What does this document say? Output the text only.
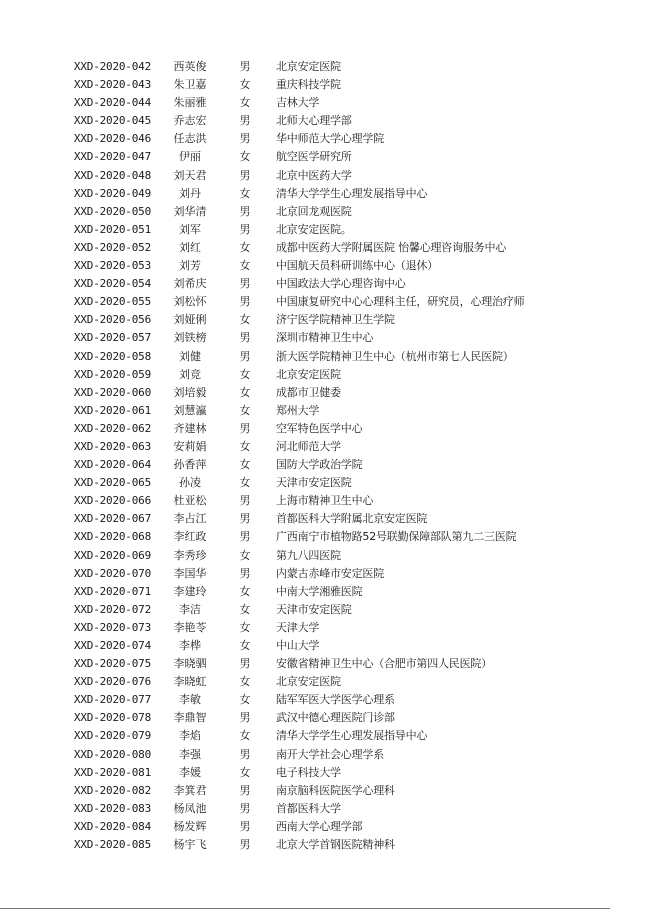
XXD-2020-042	西英俊	男	北京安定医院
XXD-2020-043	朱卫嘉	女	重庆科技学院
XXD-2020-044	朱丽雅	女	吉林大学
XXD-2020-045	乔志宏	男	北师大心理学部
XXD-2020-046	任志洪	男	华中师范大学心理学院
XXD-2020-047	伊丽	女	航空医学研究所
XXD-2020-048	刘天君	男	北京中医药大学
XXD-2020-049	刘丹	女	清华大学学生心理发展指导中心
XXD-2020-050	刘华清	男	北京回龙观医院
XXD-2020-051	刘军	男	北京安定医院。
XXD-2020-052	刘红	女	成都中医药大学附属医院 怡馨心理咨询服务中心
XXD-2020-053	刘芳	女	中国航天员科研训练中心（退休）
XXD-2020-054	刘希庆	男	中国政法大学心理咨询中心
XXD-2020-055	刘松怀	男	中国康复研究中心心理科主任，研究员，心理治疗师
XXD-2020-056	刘娅俐	女	济宁医学院精神卫生学院
XXD-2020-057	刘铁榜	男	深圳市精神卫生中心
XXD-2020-058	刘健	男	浙大医学院精神卫生中心（杭州市第七人民医院）
XXD-2020-059	刘竞	女	北京安定医院
XXD-2020-060	刘培毅	女	成都市卫健委
XXD-2020-061	刘慧瀛	女	郑州大学
XXD-2020-062	齐建林	男	空军特色医学中心
XXD-2020-063	安莉娟	女	河北师范大学
XXD-2020-064	孙香萍	女	国防大学政治学院
XXD-2020-065	孙凌	女	天津市安定医院
XXD-2020-066	杜亚松	男	上海市精神卫生中心
XXD-2020-067	李占江	男	首都医科大学附属北京安定医院
XXD-2020-068	李红政	男	广西南宁市植物路52号联勤保障部队第九二三医院
XXD-2020-069	李秀珍	女	第九八四医院
XXD-2020-070	李国华	男	内蒙古赤峰市安定医院
XXD-2020-071	李建玲	女	中南大学湘雅医院
XXD-2020-072	李洁	女	天津市安定医院
XXD-2020-073	李艳苓	女	天津大学
XXD-2020-074	李桦	女	中山大学
XXD-2020-075	李晓驷	男	安徽省精神卫生中心（合肥市第四人民医院）
XXD-2020-076	李晓虹	女	北京安定医院
XXD-2020-077	李敏	女	陆军军医大学医学心理系
XXD-2020-078	李鼎智	男	武汉中德心理医院门诊部
XXD-2020-079	李焰	女	清华大学学生心理发展指导中心
XXD-2020-080	李强	男	南开大学社会心理学系
XXD-2020-081	李媛	女	电子科技大学
XXD-2020-082	李箕君	男	南京脑科医院医学心理科
XXD-2020-083	杨凤池	男	首都医科大学
XXD-2020-084	杨发辉	男	西南大学心理学部
XXD-2020-085	杨宇飞	男	北京大学首钢医院精神科
